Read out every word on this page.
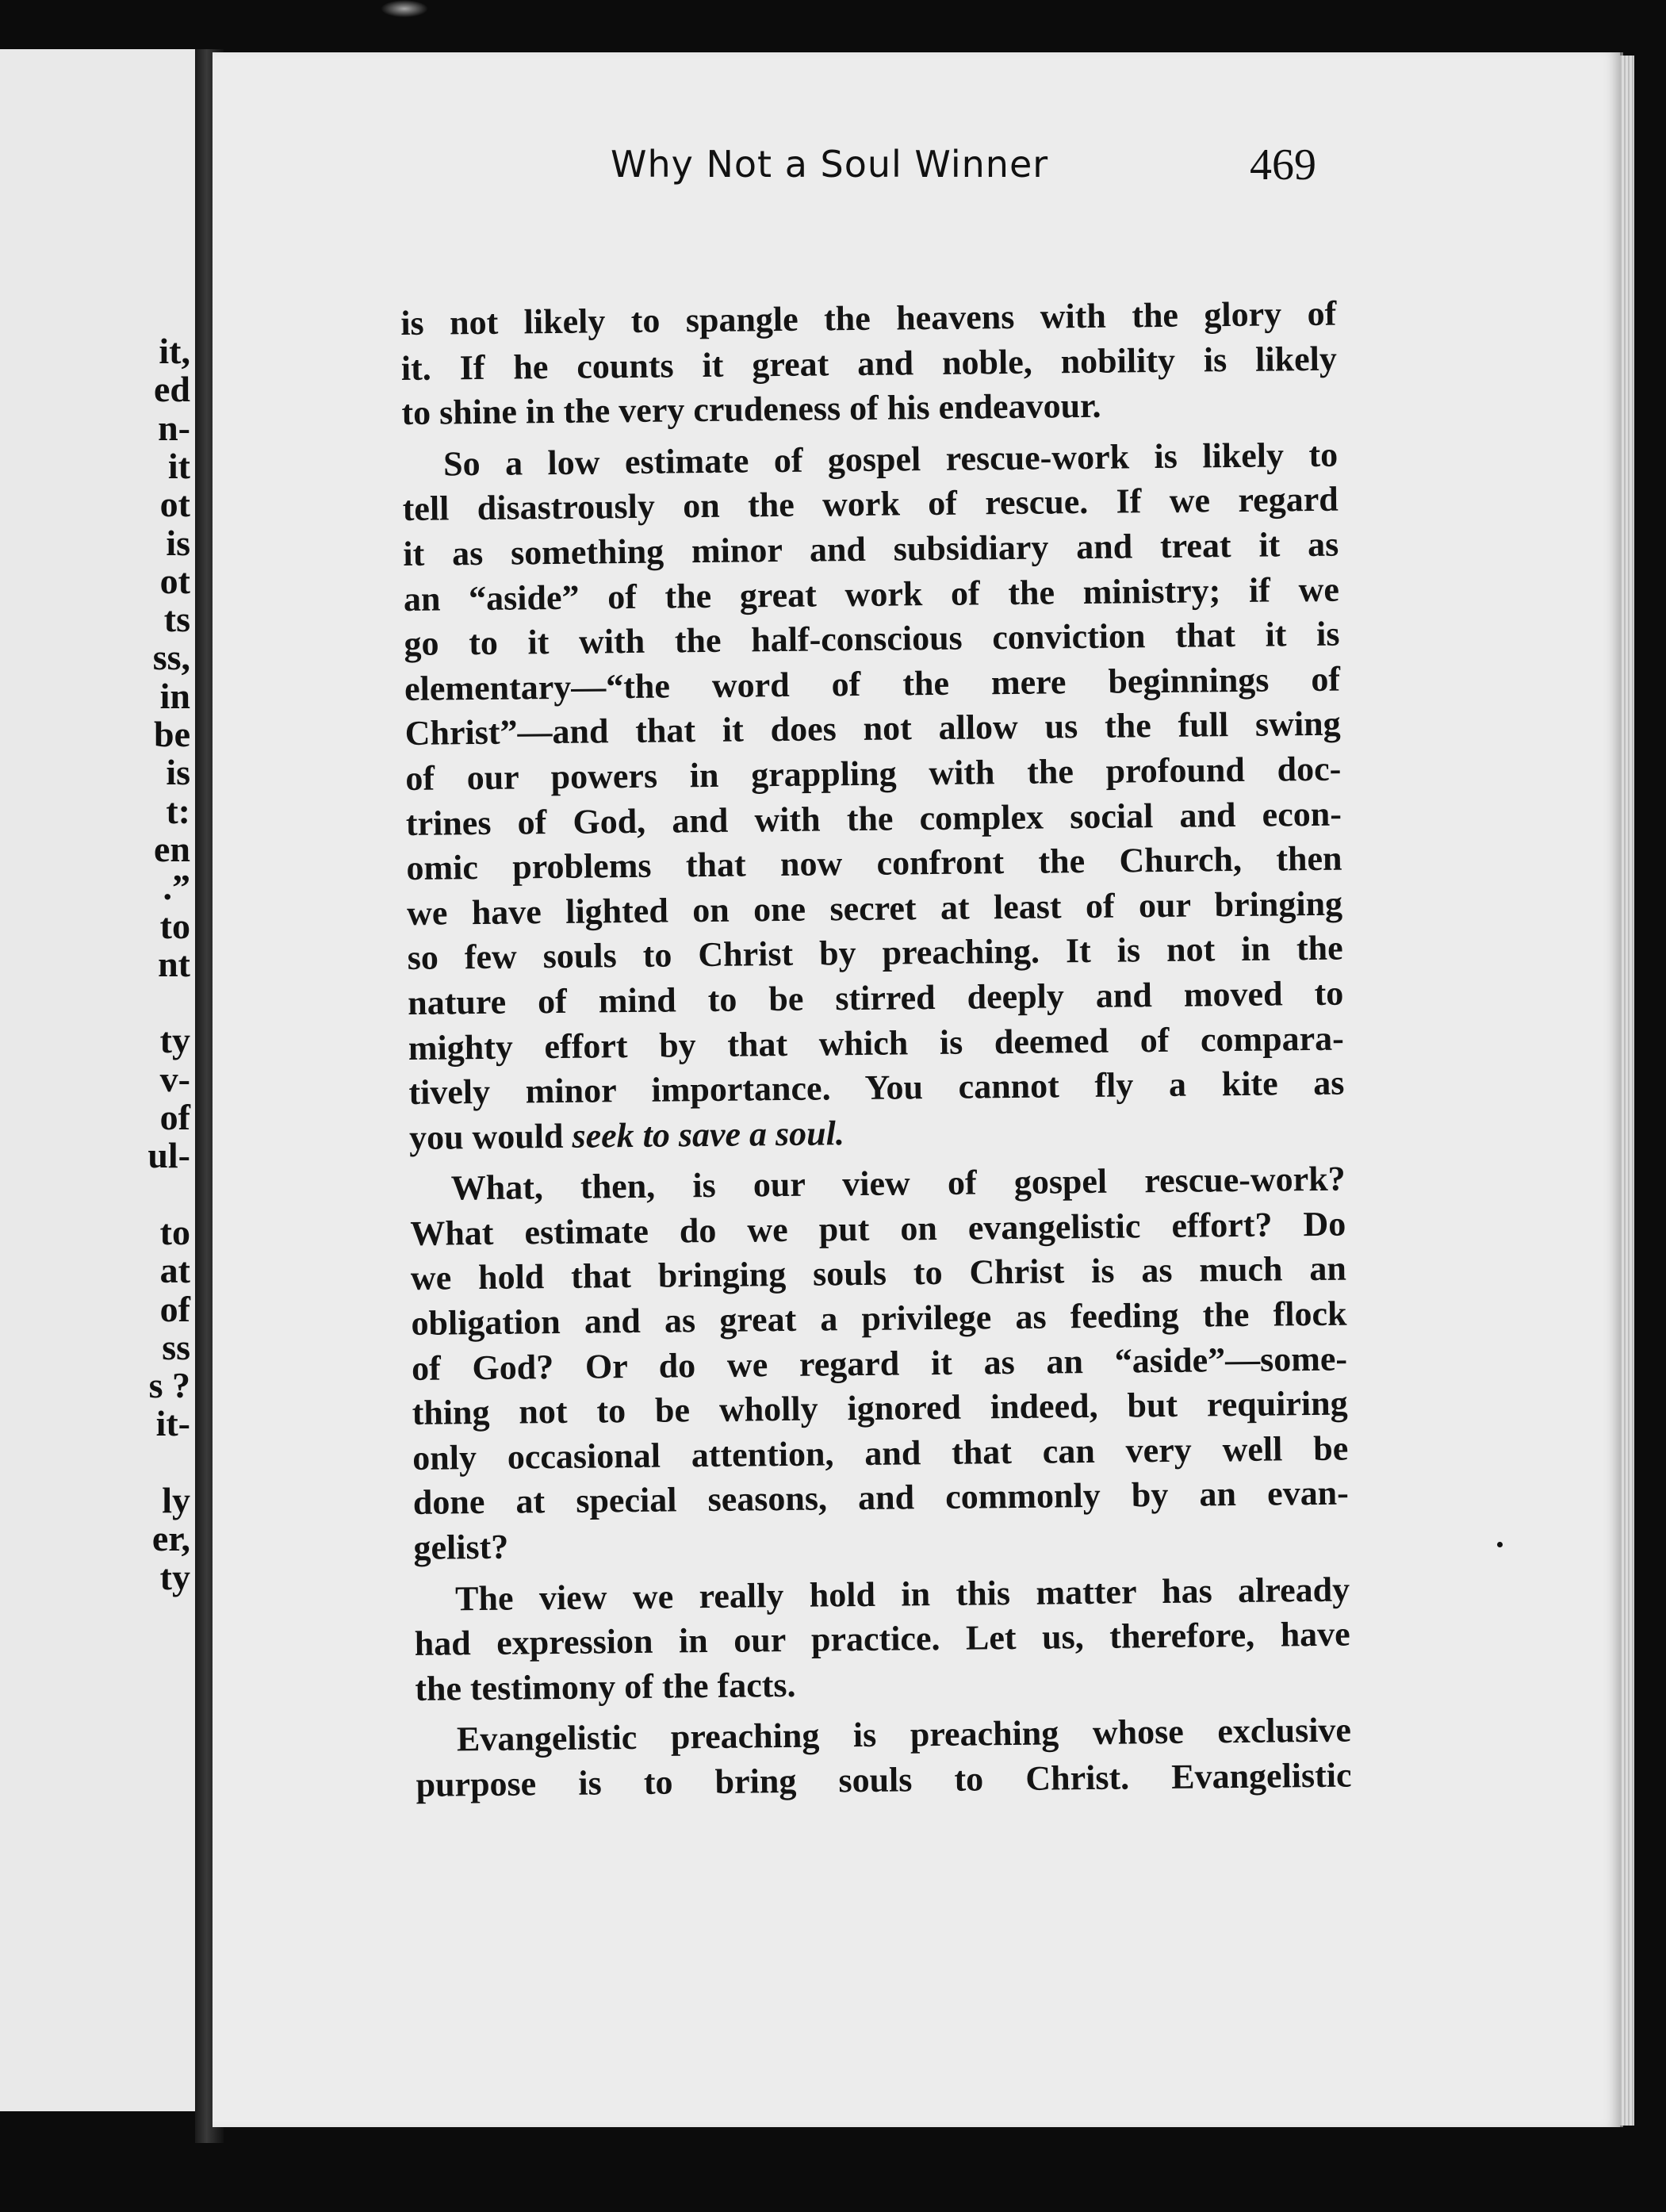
it,
ed
n-
it
ot
is
ot
ts
ss,
in
be
is
t:
en
.”
to
nt
ty
v-
of
ul-
to
at
of
ss
s ?
it-
ly
er,
ty
Why Not a Soul Winner	469
is not likely to spangle the heavens with the glory of
it. If he counts it great and noble, nobility is likely
to shine in the very crudeness of his endeavour.
So a low estimate of gospel rescue-work is likely to
tell disastrously on the work of rescue. If we regard
it as something minor and subsidiary and treat it as
an “aside” of the great work of the ministry; if we
go to it with the half-conscious conviction that it is
elementary—“the word of the mere beginnings of
Christ”—and that it does not allow us the full swing
of our powers in grappling with the profound doc-
trines of God, and with the complex social and econ-
omic problems that now confront the Church, then
we have lighted on one secret at least of our bringing
so few souls to Christ by preaching. It is not in the
nature of mind to be stirred deeply and moved to
mighty effort by that which is deemed of compara-
tively minor importance. You cannot fly a kite as
you would seek to save a soul.
What, then, is our view of gospel rescue-work?
What estimate do we put on evangelistic effort? Do
we hold that bringing souls to Christ is as much an
obligation and as great a privilege as feeding the flock
of God? Or do we regard it as an “aside”—some-
thing not to be wholly ignored indeed, but requiring
only occasional attention, and that can very well be
done at special seasons, and commonly by an evan-
gelist?
The view we really hold in this matter has already
had expression in our practice. Let us, therefore, have
the testimony of the facts.
Evangelistic preaching is preaching whose exclusive
purpose is to bring souls to Christ. Evangelistic
